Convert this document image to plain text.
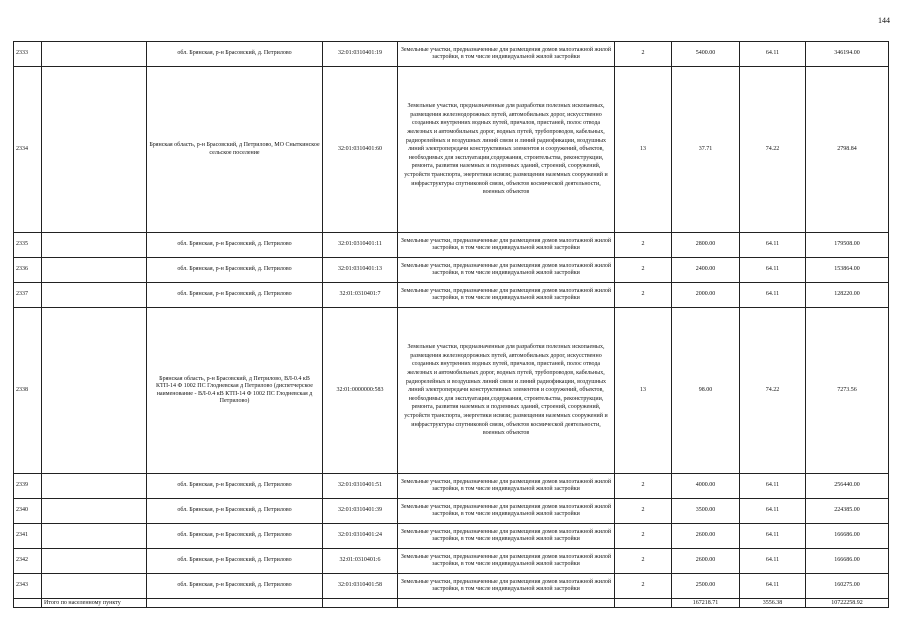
144
2333		обл. Брянская, р-н Брасовский, д. Петрилово	32:01:0310401:19	Земельные участки, предназначенные для размещения домов малоэтажной жилой застройки, в том числе индивидуальной жилой застройки	2	5400.00	64.11	346194.00
2334		Брянская область, р-н Брасовский, д Петрилово, МО Сныткинское сельское поселение	32:01:0310401:60	Земельные участки, предназначенные для разработки полезных ископаемых, размещения железнодорожных путей, автомобильных дорог, искусственно созданных внутренних водных путей, причалов, пристаней, полос отвода железных и автомобильных дорог, водных путей, трубопроводов, кабельных, радиорелейных и воздушных линий связи и линий радиофикации, воздушных линий электропередачи конструктивных элементов и сооружений, объектов, необходимых для эксплуатации,содержания, строительства, реконструкции, ремонта, развития наземных и подземных зданий, строений, сооружений, устройств транспорта, энергетики исвязи; размещения наземных сооружений и инфраструктуры спутниковой связи, объектов космической деятельности, военных объектов	13	37.71	74.22	2798.84
2335		обл. Брянская, р-н Брасовский, д. Петрилово	32:01:0310401:11	Земельные участки, предназначенные для размещения домов малоэтажной жилой застройки, в том числе индивидуальной жилой застройки	2	2800.00	64.11	179508.00
2336		обл. Брянская, р-н Брасовский, д. Петрилово	32:01:0310401:13	Земельные участки, предназначенные для размещения домов малоэтажной жилой застройки, в том числе индивидуальной жилой застройки	2	2400.00	64.11	153864.00
2337		обл. Брянская, р-н Брасовский, д. Петрилово	32:01:0310401:7	Земельные участки, предназначенные для размещения домов малоэтажной жилой застройки, в том числе индивидуальной жилой застройки	2	2000.00	64.11	128220.00
2338		Брянская область, р-н Брасовский, д Петрилово, ВЛ-0.4 кВ КТП-14 Ф 1002 ПС Глодневская д Петрилово (диспетчерское наименование - ВЛ-0.4 кВ КТП-14 Ф 1002 ПС Глодневская д Петрилово)	32:01:0000000:583	Земельные участки, предназначенные для разработки полезных ископаемых, размещения железнодорожных путей, автомобильных дорог, искусственно созданных внутренних водных путей, причалов, пристаней, полос отвода железных и автомобильных дорог, водных путей, трубопроводов, кабельных, радиорелейных и воздушных линий связи и линий радиофикации, воздушных линий электропередачи конструктивных элементов и сооружений, объектов, необходимых для эксплуатации,содержания, строительства, реконструкции, ремонта, развития наземных и подземных зданий, строений, сооружений, устройств транспорта, энергетики исвязи; размещения наземных сооружений и инфраструктуры спутниковой связи, объектов космической деятельности, военных объектов	13	98.00	74.22	7273.56
2339		обл. Брянская, р-н Брасовский, д. Петрилово	32:01:0310401:51	Земельные участки, предназначенные для размещения домов малоэтажной жилой застройки, в том числе индивидуальной жилой застройки	2	4000.00	64.11	256440.00
2340		обл. Брянская, р-н Брасовский, д. Петрилово	32:01:0310401:39	Земельные участки, предназначенные для размещения домов малоэтажной жилой застройки, в том числе индивидуальной жилой застройки	2	3500.00	64.11	224385.00
2341		обл. Брянская, р-н Брасовский, д. Петрилово	32:01:0310401:24	Земельные участки, предназначенные для размещения домов малоэтажной жилой застройки, в том числе индивидуальной жилой застройки	2	2600.00	64.11	166686.00
2342		обл. Брянская, р-н Брасовский, д. Петрилово	32:01:0310401:6	Земельные участки, предназначенные для размещения домов малоэтажной жилой застройки, в том числе индивидуальной жилой застройки	2	2600.00	64.11	166686.00
2343		обл. Брянская, р-н Брасовский, д. Петрилово	32:01:0310401:58	Земельные участки, предназначенные для размещения домов малоэтажной жилой застройки, в том числе индивидуальной жилой застройки	2	2500.00	64.11	160275.00
	Итого по населенному пункту					167218.71	3556.38	10722258.92
